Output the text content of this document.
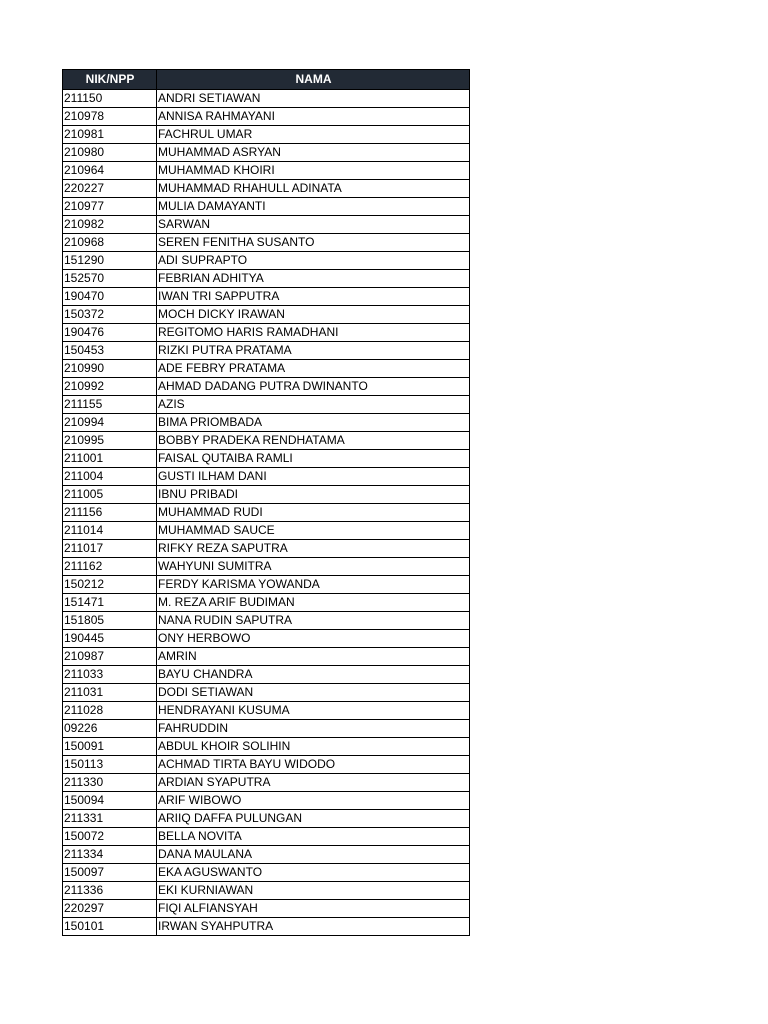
NIK/NPP	NAMA
211150	ANDRI SETIAWAN
210978	ANNISA RAHMAYANI
210981	FACHRUL UMAR
210980	MUHAMMAD ASRYAN
210964	MUHAMMAD KHOIRI
220227	MUHAMMAD RHAHULL ADINATA
210977	MULIA DAMAYANTI
210982	SARWAN
210968	SEREN FENITHA SUSANTO
151290	ADI SUPRAPTO
152570	FEBRIAN ADHITYA
190470	IWAN TRI SAPPUTRA
150372	MOCH DICKY IRAWAN
190476	REGITOMO HARIS RAMADHANI
150453	RIZKI PUTRA PRATAMA
210990	ADE FEBRY PRATAMA
210992	AHMAD DADANG PUTRA DWINANTO
211155	AZIS
210994	BIMA PRIOMBADA
210995	BOBBY PRADEKA RENDHATAMA
211001	FAISAL QUTAIBA RAMLI
211004	GUSTI ILHAM DANI
211005	IBNU PRIBADI
211156	MUHAMMAD RUDI
211014	MUHAMMAD SAUCE
211017	RIFKY REZA SAPUTRA
211162	WAHYUNI SUMITRA
150212	FERDY KARISMA YOWANDA
151471	M. REZA ARIF BUDIMAN
151805	NANA RUDIN SAPUTRA
190445	ONY HERBOWO
210987	AMRIN
211033	BAYU CHANDRA
211031	DODI SETIAWAN
211028	HENDRAYANI KUSUMA
09226	FAHRUDDIN
150091	ABDUL KHOIR SOLIHIN
150113	ACHMAD TIRTA BAYU WIDODO
211330	ARDIAN SYAPUTRA
150094	ARIF WIBOWO
211331	ARIIQ DAFFA PULUNGAN
150072	BELLA NOVITA
211334	DANA MAULANA
150097	EKA AGUSWANTO
211336	EKI KURNIAWAN
220297	FIQI ALFIANSYAH
150101	IRWAN SYAHPUTRA
